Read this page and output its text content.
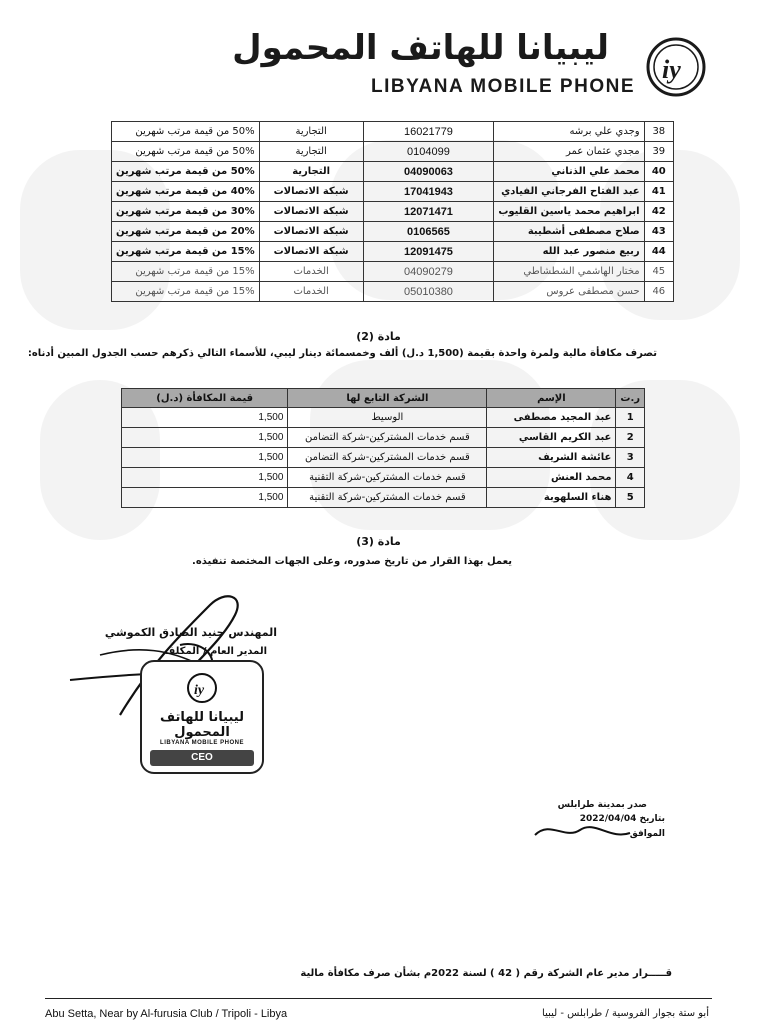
ليبيانا للهاتف المحمول
LIBYANA MOBILE PHONE
iy
38	وجدي علي برشه	16021779	التجارية	50% من قيمة مرتب شهرين
39	مجدي عثمان عمر	0104099	التجارية	50% من قيمة مرتب شهرين
40	محمد علي الذناني	04090063	التجارية	50% من قيمة مرتب شهرين
41	عبد الفتاح الفرجاني الفيادي	17041943	شبكة الاتصالات	40% من قيمة مرتب شهرين
42	ابراهيم محمد ياسين القليوب	12071471	شبكة الاتصالات	30% من قيمة مرتب شهرين
43	صلاح مصطفى أشطيبة	0106565	شبكة الاتصالات	20% من قيمة مرتب شهرين
44	ربيع منصور عبد الله	12091475	شبكة الاتصالات	15% من قيمة مرتب شهرين
45	مختار الهاشمي الشطشاطي	04090279	الخدمات	15% من قيمة مرتب شهرين
46	حسن مصطفى عروس	05010380	الخدمات	15% من قيمة مرتب شهرين
مادة (2)
تصرف مكافأة مالية ولمرة واحدة بقيمة (1,500 د.ل) ألف وخمسمائة دينار ليبي، للأسماء التالي ذكرهم حسب الجدول المبين أدناه:
ر.ت	الإسم	الشركة التابع لها	قيمة المكافأة (د.ل)
1	عبد المجيد مصطفى	الوسيط	1,500
2	عبد الكريم القاسي	قسم خدمات المشتركين-شركة التضامن	1,500
3	عائشة الشريف	قسم خدمات المشتركين-شركة التضامن	1,500
4	محمد العنش	قسم خدمات المشتركين-شركة التقنية	1,500
5	هناء السلهوبة	قسم خدمات المشتركين-شركة التقنية	1,500
مادة (3)
يعمل بهذا القرار من تاريخ صدوره، وعلى الجهات المختصة تنفيذه.
المهندس جنيد الصادق الكموشي
المدير العام / المكلف
iy
ليبيانا للهاتف المحمول
LIBYANA MOBILE PHONE
CEO
صدر بمدينة طرابلس
بتاريخ 2022/04/04
الموافق
قـــــرار مدير عام الشركة رقم ( 42 ) لسنة 2022م بشأن صرف مكافأة مالية
Abu Setta, Near by Al-furusia Club / Tripoli - Libya	أبو ستة بجوار الفروسية / طرابلس - ليبيا
